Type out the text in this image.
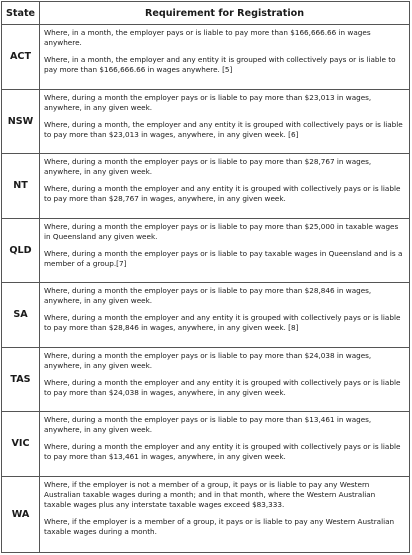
State	Requirement for Registration
ACT	Where, in a month, the employer pays or is liable to pay more than $166,666.66 in wages anywhere.

Where, in a month, the employer and any entity it is grouped with collectively pays or is liable to pay more than $166,666.66 in wages anywhere. [5]

NSW	Where, during a month the employer pays or is liable to pay more than $23,013 in wages, anywhere, in any given week.

Where, during a month, the employer and any entity it is grouped with collectively pays or is liable to pay more than $23,013 in wages, anywhere, in any given week. [6]

NT	Where, during a month the employer pays or is liable to pay more than $28,767 in wages, anywhere, in any given week.

Where, during a month the employer and any entity it is grouped with collectively pays or is liable to pay more than $28,767 in wages, anywhere, in any given week.

QLD	Where, during a month the employer pays or is liable to pay more than $25,000 in taxable wages in Queensland any given week.

Where, during a month the employer pays or is liable to pay taxable wages in Queensland and is a member of a group.[7]

SA	Where, during a month the employer pays or is liable to pay more than $28,846 in wages, anywhere, in any given week.

Where, during a month the employer and any entity it is grouped with collectively pays or is liable to pay more than $28,846 in wages, anywhere, in any given week. [8]

TAS	Where, during a month the employer pays or is liable to pay more than $24,038 in wages, anywhere, in any given week.

Where, during a month the employer and any entity it is grouped with collectively pays or is liable to pay more than $24,038 in wages, anywhere, in any given week.

VIC	Where, during a month the employer pays or is liable to pay more than $13,461 in wages, anywhere, in any given week.

Where, during a month the employer and any entity it is grouped with collectively pays or is liable to pay more than $13,461 in wages, anywhere, in any given week.

WA	Where, if the employer is not a member of a group, it pays or is liable to pay any Western Australian taxable wages during a month; and in that month, where the Western Australian taxable wages plus any interstate taxable wages exceed $83,333.

Where, if the employer is a member of a group, it pays or is liable to pay any Western Australian taxable wages during a month.
